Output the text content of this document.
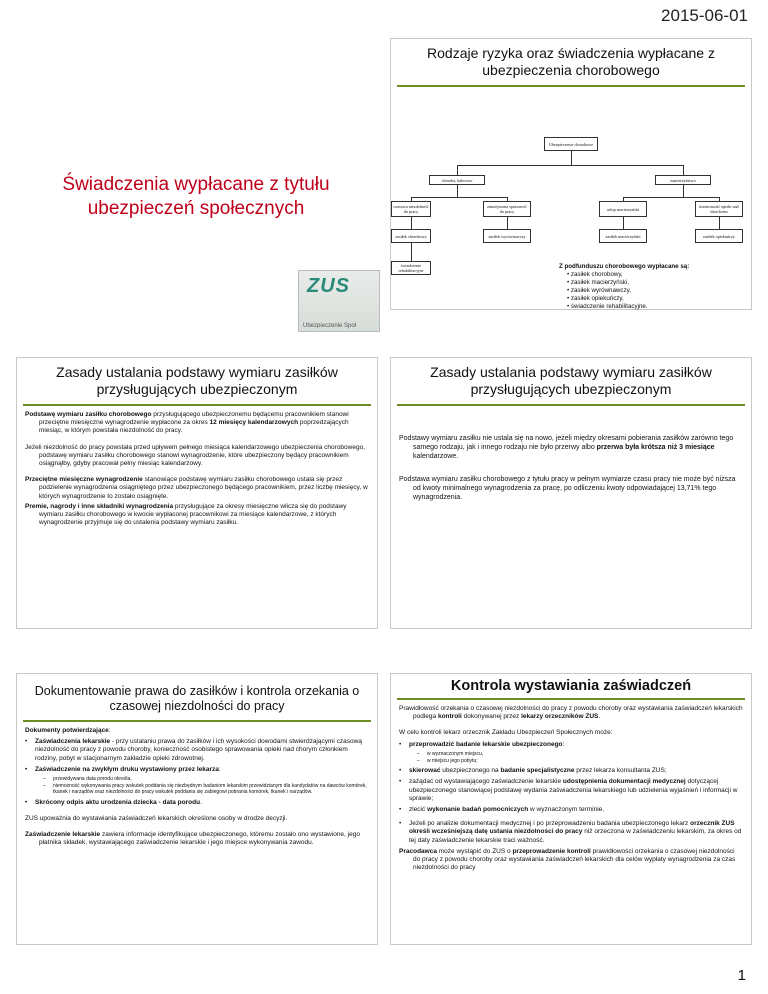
2015-06-01
Świadczenia wypłacane z tytułu ubezpieczeń społecznych
ZUS
Ubezpieczenie Społ
Rodzaje ryzyka oraz świadczenia wypłacane z ubezpieczenia chorobowego
Ubezpieczenie chorobowe
choroba, kalectwo	macierzyństwo
czasowa niezdolność do pracy
zmniejszona sprawność do pracy	urlop macierzyński	konieczność opieki nad dzieckiem
zasiłek chorobowy	zasiłek wyrównawczy	zasiłek macierzyński	zasiłek opiekuńczy
świadczenie rehabilitacyjne
Z podfunduszu chorobowego wypłacane są:
• zasiłek chorobowy,
• zasiłek macierzyński,
• zasiłek wyrównawczy,
• zasiłek opiekuńczy,
• świadczenie rehabilitacyjne.
Zasady ustalania podstawy wymiaru zasiłków przysługujących ubezpieczonym

Podstawę wymiaru zasiłku chorobowego przysługującego ubezpieczonemu będącemu pracownikiem stanowi przeciętne miesięczne wynagrodzenie wypłacone za okres 12 miesięcy kalendarzowych poprzedzających miesiąc, w którym powstała niezdolność do pracy.

Jeżeli niezdolność do pracy powstała przed upływem pełnego miesiąca kalendarzowego ubezpieczenia chorobowego, podstawę wymiaru zasiłku chorobowego stanowi wynagrodzenie, które ubezpieczony będący pracownikiem osiągnąłby, gdyby pracował pełny miesiąc kalendarzowy.

Przeciętne miesięczne wynagrodzenie stanowiące podstawę wymiaru zasiłku chorobowego ustala się przez podzielenie wynagrodzenia osiągniętego przez ubezpieczonego będącego pracownikiem, przez liczbę miesięcy, w których wynagrodzenie to zostało osiągnięte.

Premie, nagrody i inne składniki wynagrodzenia przysługujące za okresy miesięczne wlicza się do podstawy wymiaru zasiłku chorobowego w kwocie wypłaconej pracownikowi za miesiące kalendarzowe, z których wynagrodzenie przyjmuje się do ustalenia podstawy wymiaru zasiłku.

Zasady ustalania podstawy wymiaru zasiłków przysługujących ubezpieczonym

Podstawy wymiaru zasiłku nie ustala się na nowo, jeżeli między okresami pobierania zasiłków zarówno tego samego rodzaju, jak i innego rodzaju nie było przerwy albo przerwa była krótsza niż 3 miesiące kalendarzowe.

Podstawa wymiaru zasiłku chorobowego z tytułu pracy w pełnym wymiarze czasu pracy nie może być niższa od kwoty minimalnego wynagrodzenia za pracę, po odliczeniu kwoty odpowiadającej 13,71% tego wynagrodzenia.

Dokumentowanie prawa do zasiłków i kontrola orzekania o czasowej niezdolności do pracy

Dokumenty potwierdzające:

• Zaświadczenia lekarskie - przy ustalaniu prawa do zasiłków i ich wysokości dowodami stwierdzającymi czasową niezdolność do pracy z powodu choroby, konieczność osobistego sprawowania opieki nad chorym członkiem rodziny, pobyt w stacjonarnym zakładzie opieki zdrowotnej.
• Zaświadczenie na zwykłym druku wystawiony przez lekarza:
– przewidywana data porodu określa,
– niemożność wykonywania pracy wskutek poddania się niezbędnym badaniom lekarskim przewidzianym dla kandydatów na dawców komórek, tkanek i narządów oraz niezdolności do pracy wskutek poddania się zabiegowi pobrania komórek, tkanek i narządów.
• Skrócony odpis aktu urodzenia dziecka - data porodu.

ZUS upoważnia do wystawiania zaświadczeń lekarskich określone osoby w drodze decyzji.

Zaświadczenie lekarskie zawiera informacje identyfikujące ubezpieczonego, któremu zostało ono wystawione, jego płatnika składek, wystawiającego zaświadczenie lekarskie i jego miejsce wykonywania zawodu.

Kontrola wystawiania zaświadczeń

Prawidłowość orzekania o czasowej niezdolności do pracy z powodu choroby oraz wystawiania zaświadczeń lekarskich podlega kontroli dokonywanej przez lekarzy orzeczników ZUS.

W celu kontroli lekarz orzecznik Zakładu Ubezpieczeń Społecznych może:

• przeprowadzić badanie lekarskie ubezpieczonego:
– w wyznaczonym miejscu,
– w miejscu jego pobytu;
• skierować ubezpieczonego na badanie specjalistyczne przez lekarza konsultanta ZUS;
• zażądać od wystawiającego zaświadczenie lekarskie udostępnienia dokumentacji medycznej dotyczącej ubezpieczonego stanowiącej podstawę wydania zaświadczenia lekarskiego lub udzielenia wyjaśnień i informacji w sprawie;
• zlecić wykonanie badań pomocniczych w wyznaczonym terminie.
• Jeżeli po analizie dokumentacji medycznej i po przeprowadzeniu badania ubezpieczonego lekarz orzecznik ZUS określi wcześniejszą datę ustania niezdolności do pracy niż orzeczona w zaświadczeniu lekarskim, za okres od tej daty zaświadczenie lekarskie traci ważność.

Pracodawca może wystąpić do ZUS o przeprowadzenie kontroli prawidłowości orzekania o czasowej niezdolności do pracy z powodu choroby oraz wystawiania zaświadczeń lekarskich dla celów wypłaty wynagrodzenia za czas niezdolności do pracy

1
